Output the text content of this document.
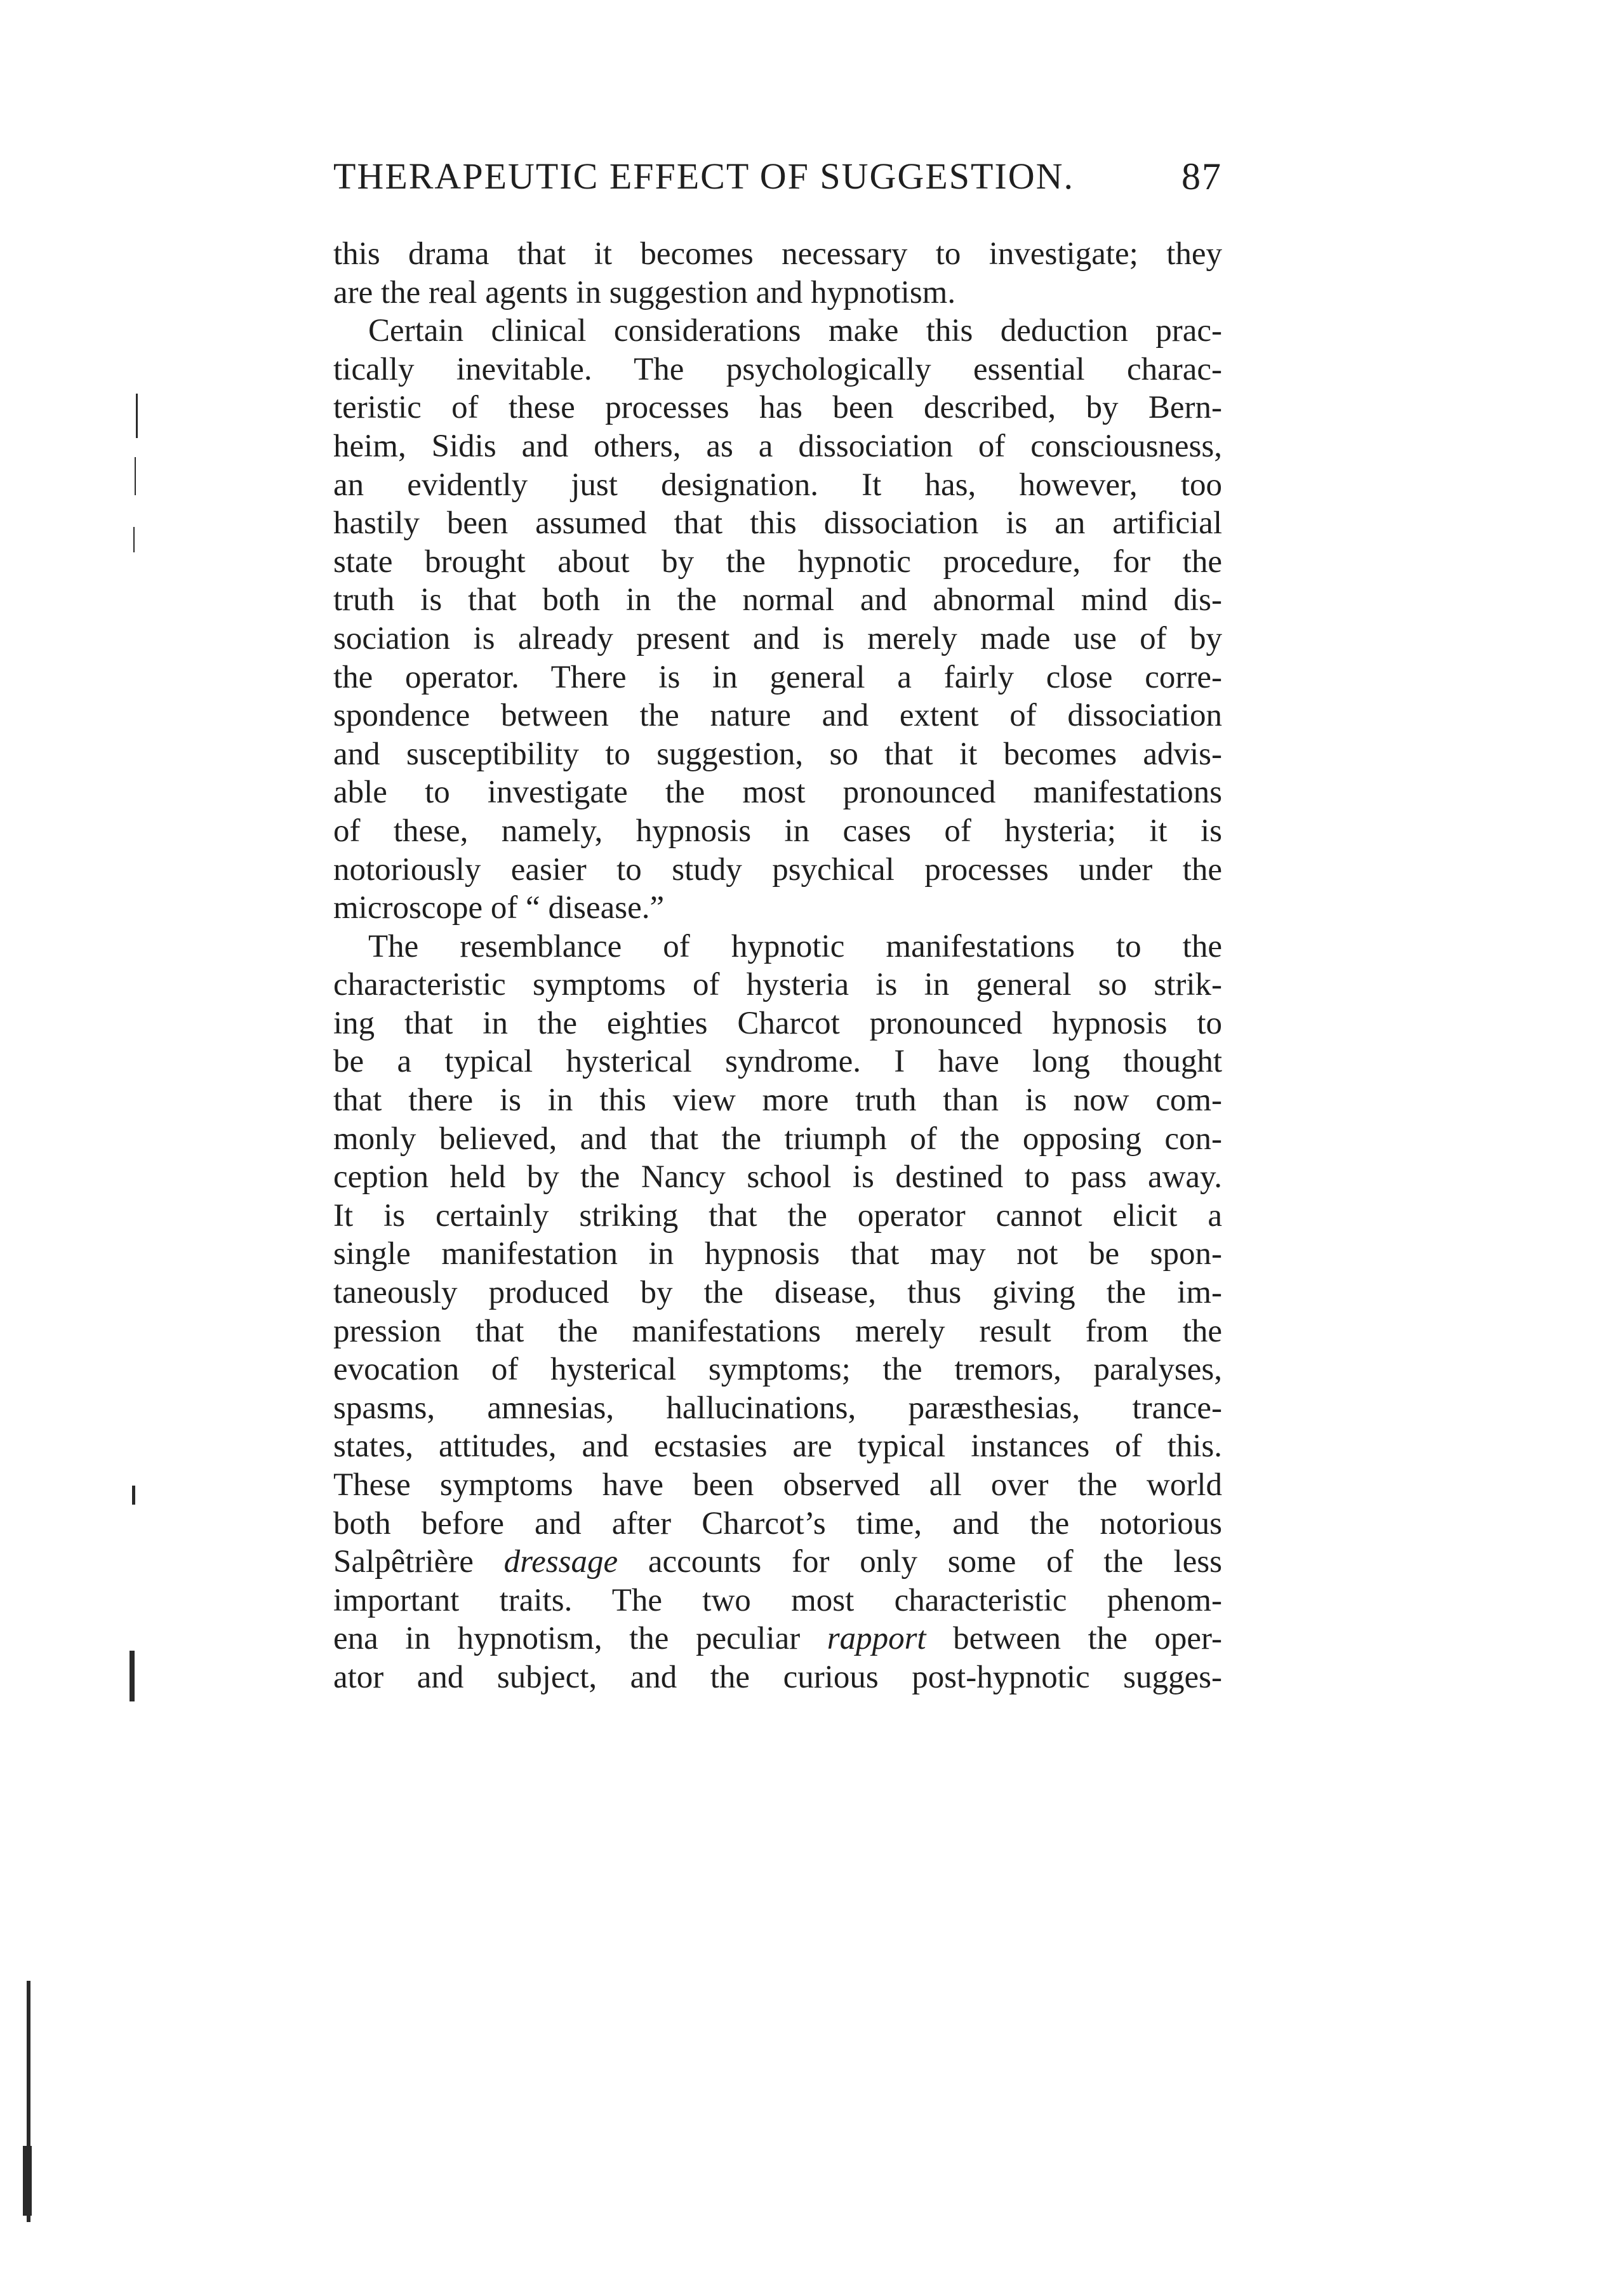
THERAPEUTIC EFFECT OF SUGGESTION.	87
this drama that it becomes necessary to investigate; they
are the real agents in suggestion and hypnotism.
Certain clinical considerations make this deduction prac-
tically inevitable. The psychologically essential charac-
teristic of these processes has been described, by Bern-
heim, Sidis and others, as a dissociation of consciousness,
an evidently just designation. It has, however, too
hastily been assumed that this dissociation is an artificial
state brought about by the hypnotic procedure, for the
truth is that both in the normal and abnormal mind dis-
sociation is already present and is merely made use of by
the operator. There is in general a fairly close corre-
spondence between the nature and extent of dissociation
and susceptibility to suggestion, so that it becomes advis-
able to investigate the most pronounced manifestations
of these, namely, hypnosis in cases of hysteria; it is
notoriously easier to study psychical processes under the
microscope of “ disease.”
The resemblance of hypnotic manifestations to the
characteristic symptoms of hysteria is in general so strik-
ing that in the eighties Charcot pronounced hypnosis to
be a typical hysterical syndrome. I have long thought
that there is in this view more truth than is now com-
monly believed, and that the triumph of the opposing con-
ception held by the Nancy school is destined to pass away.
It is certainly striking that the operator cannot elicit a
single manifestation in hypnosis that may not be spon-
taneously produced by the disease, thus giving the im-
pression that the manifestations merely result from the
evocation of hysterical symptoms; the tremors, paralyses,
spasms, amnesias, hallucinations, paræsthesias, trance-
states, attitudes, and ecstasies are typical instances of this.
These symptoms have been observed all over the world
both before and after Charcot’s time, and the notorious
Salpêtrière dressage accounts for only some of the less
important traits. The two most characteristic phenom-
ena in hypnotism, the peculiar rapport between the oper-
ator and subject, and the curious post-hypnotic sugges-
